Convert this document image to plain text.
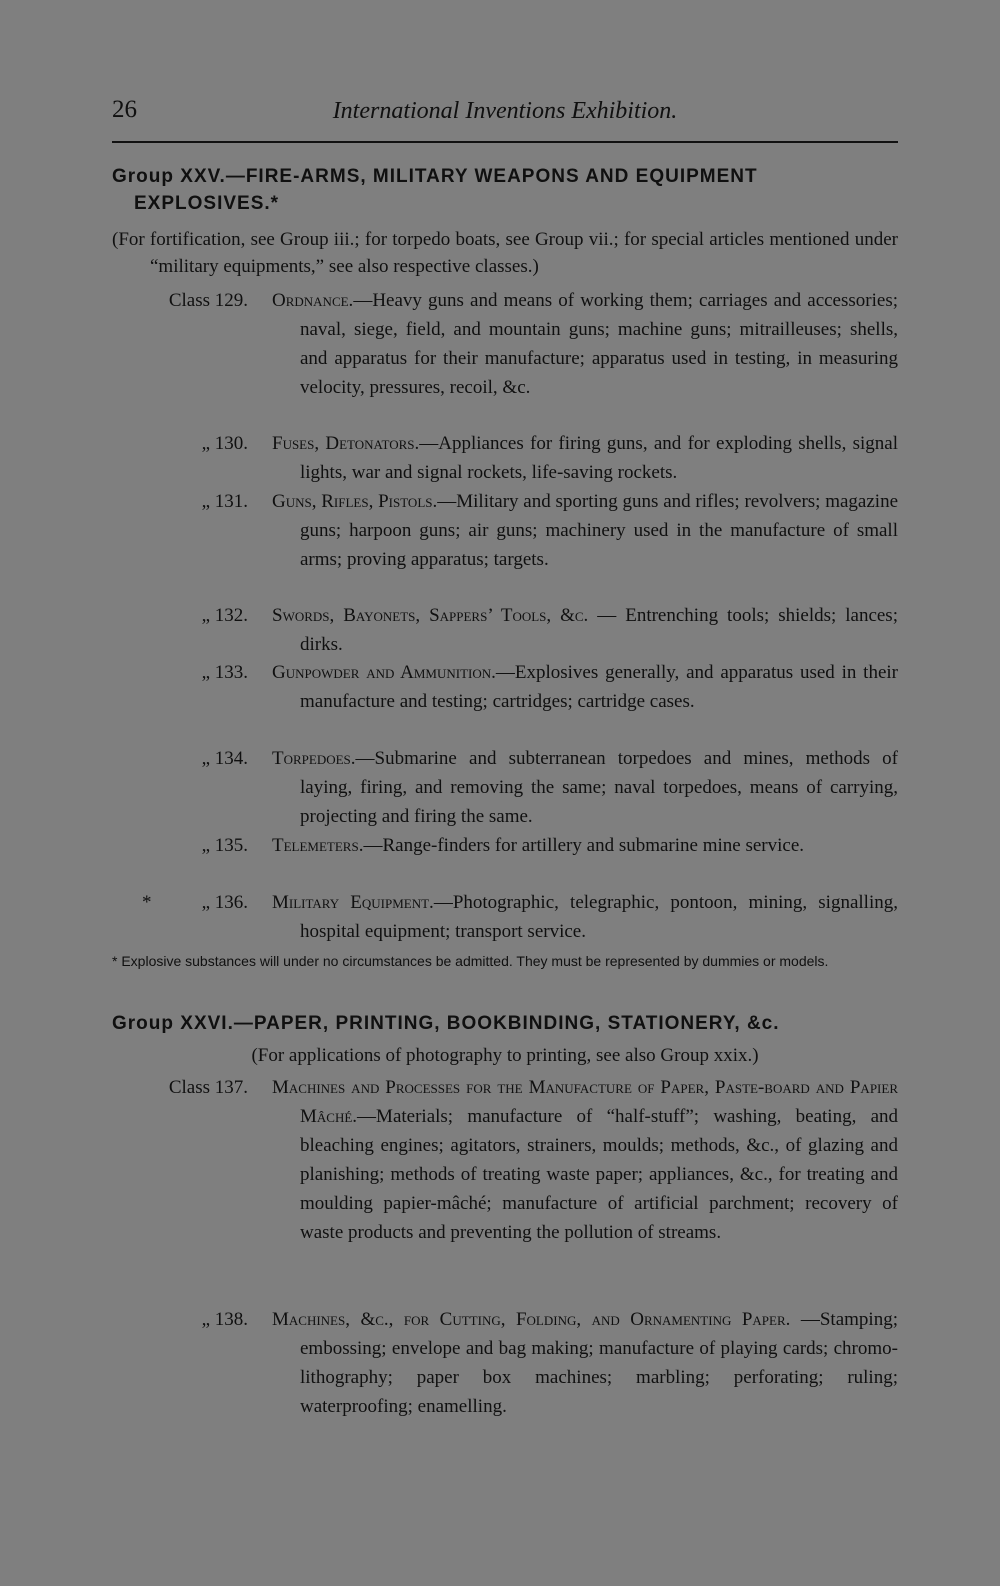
26	International Inventions Exhibition.
Group XXV.—FIRE-ARMS, MILITARY WEAPONS AND EQUIPMENT
EXPLOSIVES.*
(For fortification, see Group iii.; for torpedo boats, see Group vii.; for special articles mentioned under “military equipments,” see also respective classes.)
Class 129. Ordnance.—Heavy guns and means of working them; carriages and accessories; naval, siege, field, and mountain guns; machine guns; mitrailleuses; shells, and apparatus for their manufacture; apparatus used in testing, in measuring velocity, pressures, recoil, &c.
„ 130. Fuses, Detonators.—Appliances for firing guns, and for exploding shells, signal lights, war and signal rockets, life-saving rockets.
„ 131. Guns, Rifles, Pistols.—Military and sporting guns and rifles; revolvers; magazine guns; harpoon guns; air guns; machinery used in the manufacture of small arms; proving apparatus; targets.
„ 132. Swords, Bayonets, Sappers’ Tools, &c. — Entrenching tools; shields; lances; dirks.
„ 133. Gunpowder and Ammunition.—Explosives generally, and apparatus used in their manufacture and testing; cartridges; cartridge cases.
„ 134. Torpedoes.—Submarine and subterranean torpedoes and mines, methods of laying, firing, and removing the same; naval torpedoes, means of carrying, projecting and firing the same.
„ 135. Telemeters.—Range-finders for artillery and submarine mine service.
*	„ 136. Military Equipment.—Photographic, telegraphic, pontoon, mining, signalling, hospital equipment; transport service.
* Explosive substances will under no circumstances be admitted. They must be represented by dummies or models.
Group XXVI.—PAPER, PRINTING, BOOKBINDING, STATIONERY, &c.
(For applications of photography to printing, see also Group xxix.)
Class 137. Machines and Processes for the Manufacture of Paper, Paste-board and Papier Mâché.—Materials; manufacture of “half-stuff”; washing, beating, and bleaching engines; agitators, strainers, moulds; methods, &c., of glazing and planishing; methods of treating waste paper; appliances, &c., for treating and moulding papier-mâché; manufacture of artificial parchment; recovery of waste products and preventing the pollution of streams.
„ 138. Machines, &c., for Cutting, Folding, and Ornamenting Paper. —Stamping; embossing; envelope and bag making; manufacture of playing cards; chromo-lithography; paper box machines; marbling; perforating; ruling; waterproofing; enamelling.
